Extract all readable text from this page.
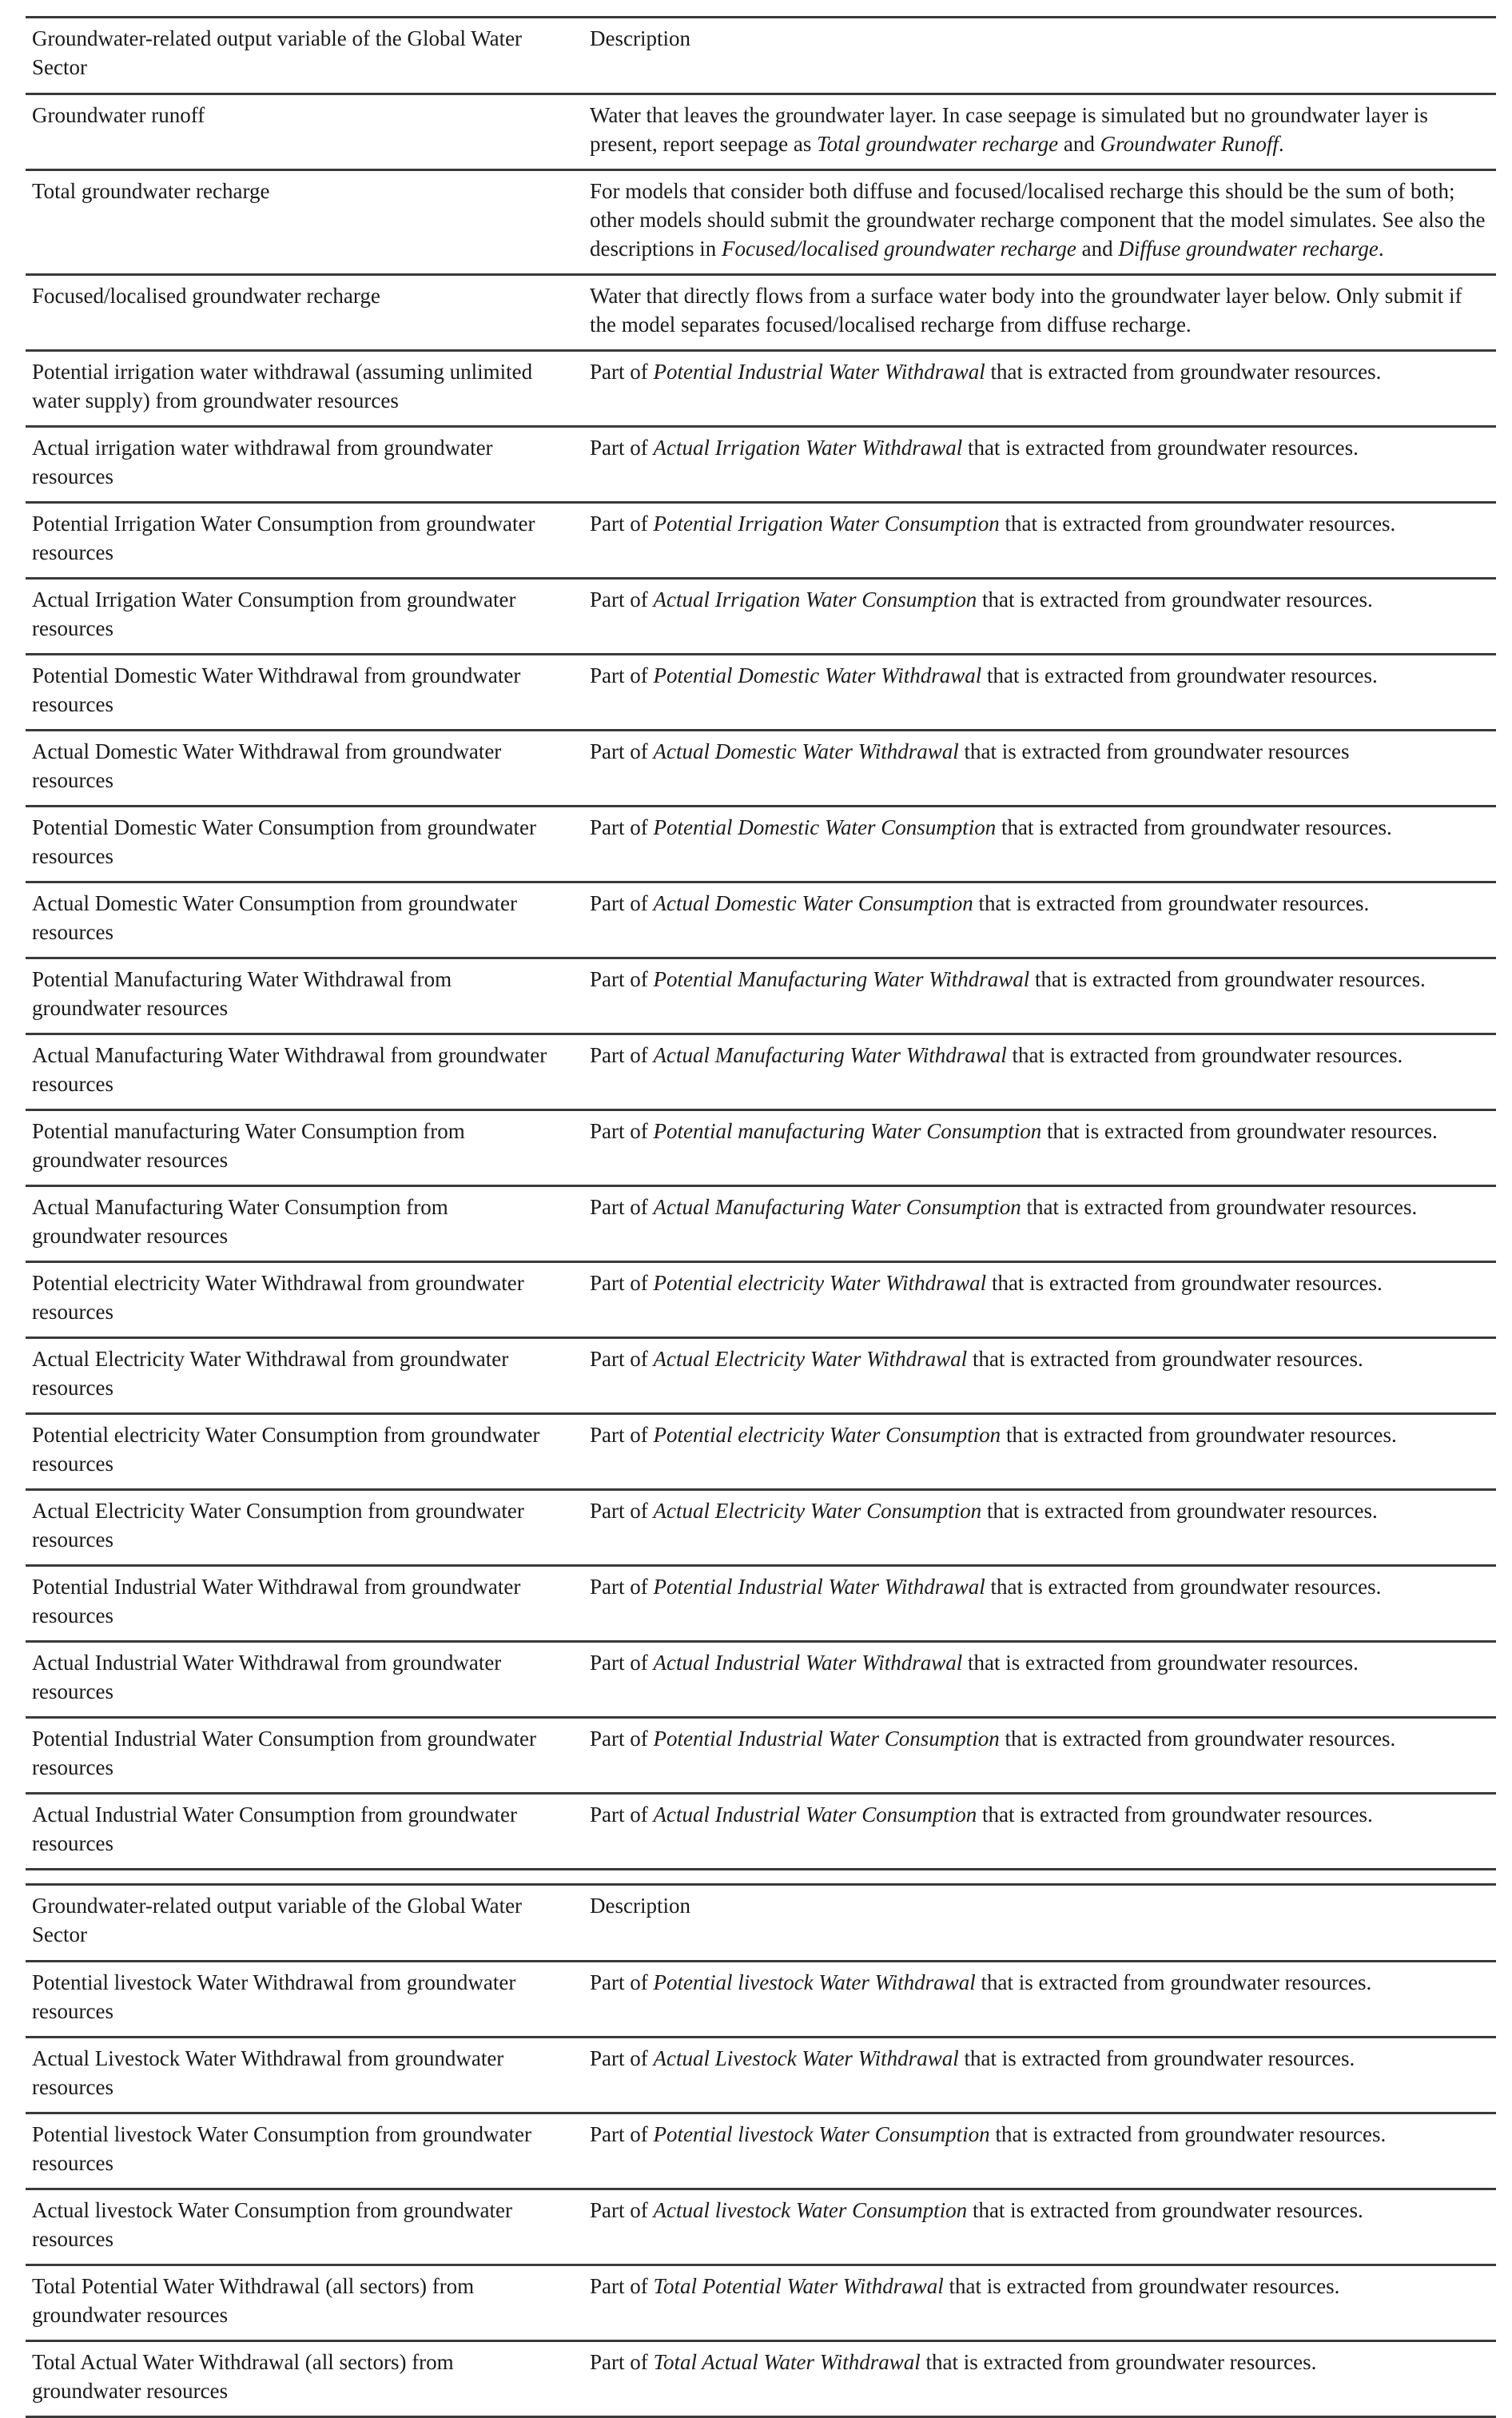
Groundwater-related output variable of the Global Water Sector	Description
Groundwater runoff	Water that leaves the groundwater layer. In case seepage is simulated but no groundwater layer is present, report seepage as Total groundwater recharge and Groundwater Runoff.
Total groundwater recharge	For models that consider both diffuse and focused/localised recharge this should be the sum of both; other models should submit the groundwater recharge component that the model simulates. See also the descriptions in Focused/localised groundwater recharge and Diffuse groundwater recharge.
Focused/localised groundwater recharge	Water that directly flows from a surface water body into the groundwater layer below. Only submit if the model separates focused/localised recharge from diffuse recharge.
Potential irrigation water withdrawal (assuming unlimited water supply) from groundwater resources	Part of Potential Industrial Water Withdrawal that is extracted from groundwater resources.
Actual irrigation water withdrawal from groundwater resources	Part of Actual Irrigation Water Withdrawal that is extracted from groundwater resources.
Potential Irrigation Water Consumption from groundwater resources	Part of Potential Irrigation Water Consumption that is extracted from groundwater resources.
Actual Irrigation Water Consumption from groundwater resources	Part of Actual Irrigation Water Consumption that is extracted from groundwater resources.
Potential Domestic Water Withdrawal from groundwater resources	Part of Potential Domestic Water Withdrawal that is extracted from groundwater resources.
Actual Domestic Water Withdrawal from groundwater resources	Part of Actual Domestic Water Withdrawal that is extracted from groundwater resources
Potential Domestic Water Consumption from groundwater resources	Part of Potential Domestic Water Consumption that is extracted from groundwater resources.
Actual Domestic Water Consumption from groundwater resources	Part of Actual Domestic Water Consumption that is extracted from groundwater resources.
Potential Manufacturing Water Withdrawal from groundwater resources	Part of Potential Manufacturing Water Withdrawal that is extracted from groundwater resources.
Actual Manufacturing Water Withdrawal from groundwater resources	Part of Actual Manufacturing Water Withdrawal that is extracted from groundwater resources.
Potential manufacturing Water Consumption from groundwater resources	Part of Potential manufacturing Water Consumption that is extracted from groundwater resources.
Actual Manufacturing Water Consumption from groundwater resources	Part of Actual Manufacturing Water Consumption that is extracted from groundwater resources.
Potential electricity Water Withdrawal from groundwater resources	Part of Potential electricity Water Withdrawal that is extracted from groundwater resources.
Actual Electricity Water Withdrawal from groundwater resources	Part of Actual Electricity Water Withdrawal that is extracted from groundwater resources.
Potential electricity Water Consumption from groundwater resources	Part of Potential electricity Water Consumption that is extracted from groundwater resources.
Actual Electricity Water Consumption from groundwater resources	Part of Actual Electricity Water Consumption that is extracted from groundwater resources.
Potential Industrial Water Withdrawal from groundwater resources	Part of Potential Industrial Water Withdrawal that is extracted from groundwater resources.
Actual Industrial Water Withdrawal from groundwater resources	Part of Actual Industrial Water Withdrawal that is extracted from groundwater resources.
Potential Industrial Water Consumption from groundwater resources	Part of Potential Industrial Water Consumption that is extracted from groundwater resources.
Actual Industrial Water Consumption from groundwater resources	Part of Actual Industrial Water Consumption that is extracted from groundwater resources.
Groundwater-related output variable of the Global Water Sector	Description
Potential livestock Water Withdrawal from groundwater resources	Part of Potential livestock Water Withdrawal that is extracted from groundwater resources.
Actual Livestock Water Withdrawal from groundwater resources	Part of Actual Livestock Water Withdrawal that is extracted from groundwater resources.
Potential livestock Water Consumption from groundwater resources	Part of Potential livestock Water Consumption that is extracted from groundwater resources.
Actual livestock Water Consumption from groundwater resources	Part of Actual livestock Water Consumption that is extracted from groundwater resources.
Total Potential Water Withdrawal (all sectors) from groundwater resources	Part of Total Potential Water Withdrawal that is extracted from groundwater resources.
Total Actual Water Withdrawal (all sectors) from groundwater resources	Part of Total Actual Water Withdrawal that is extracted from groundwater resources.
